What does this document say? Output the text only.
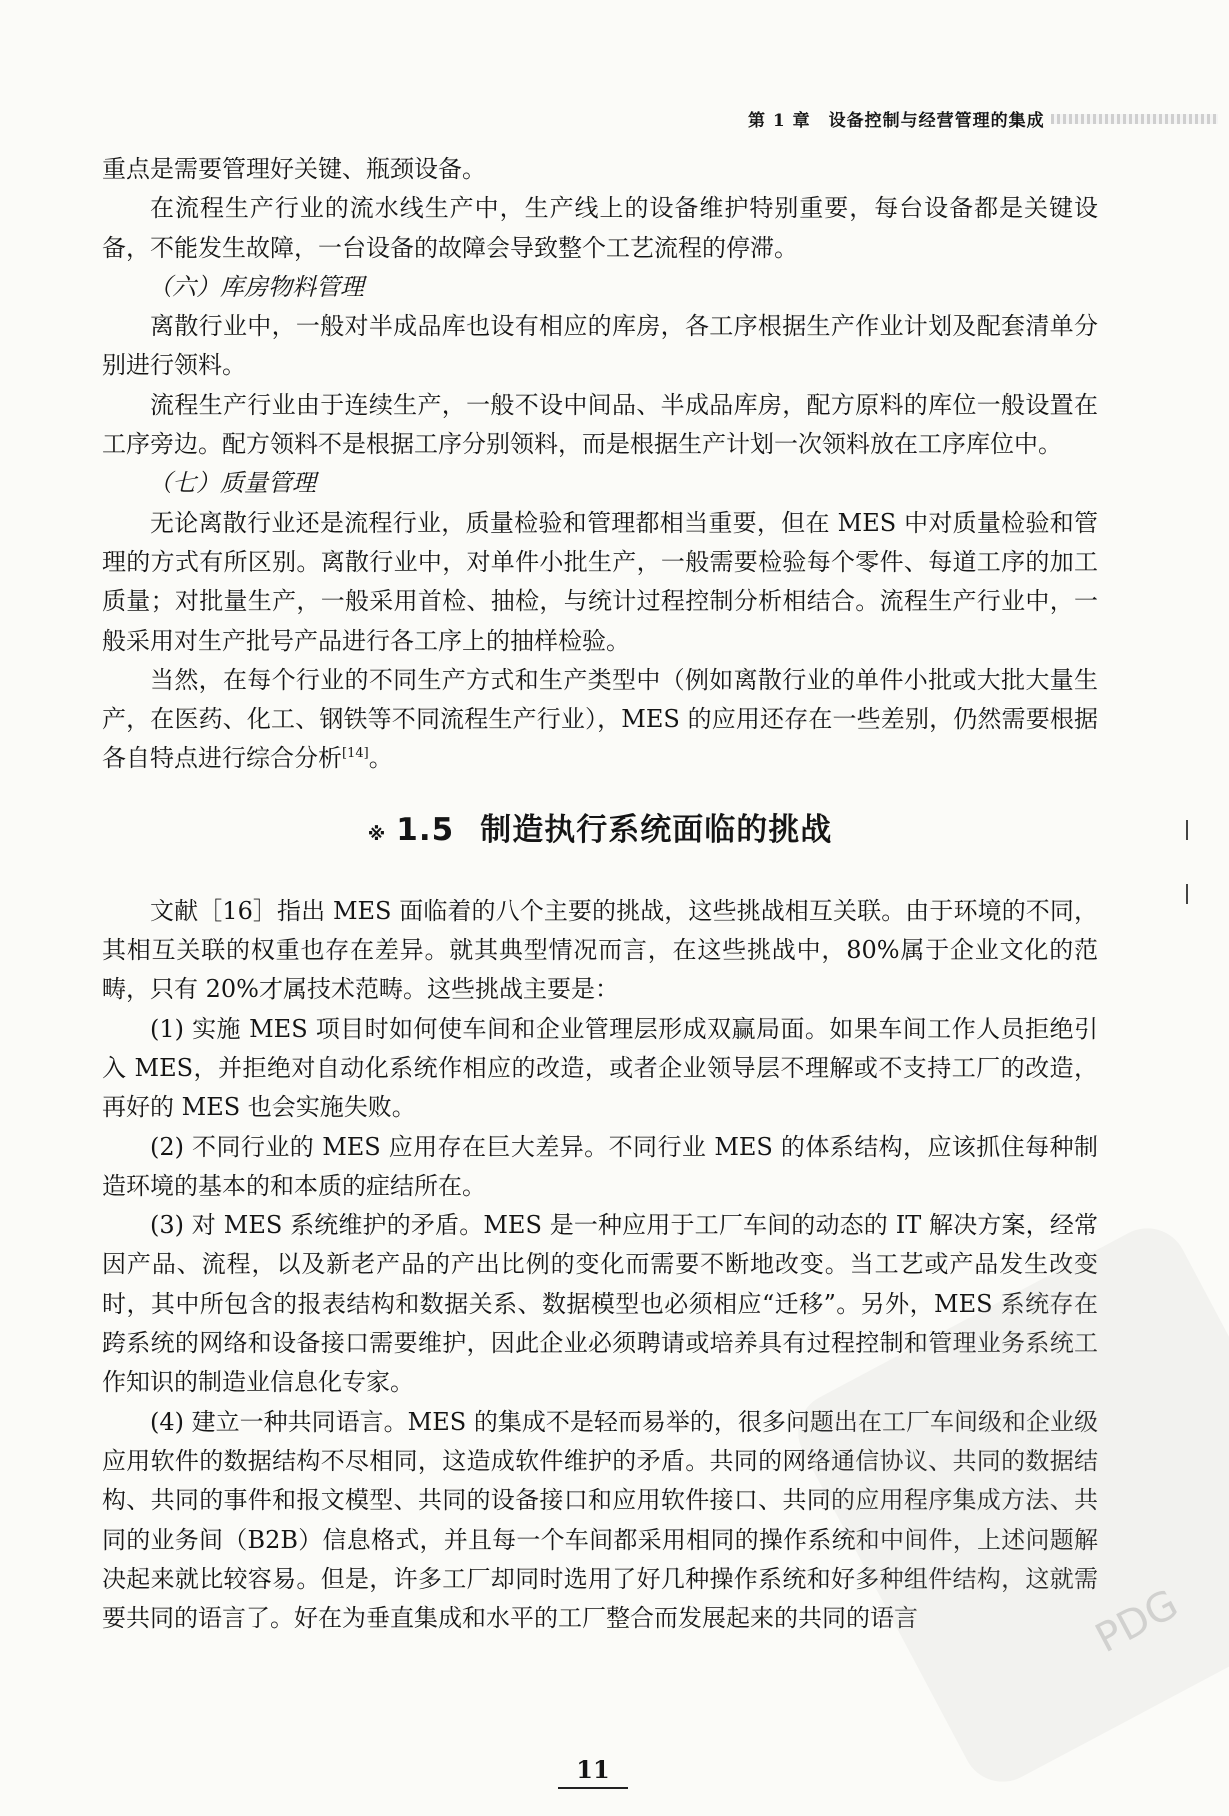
第 1 章 设备控制与经营管理的集成

重点是需要管理好关键、瓶颈设备。

在流程生产行业的流水线生产中，生产线上的设备维护特别重要，每台设备都是关键设备，不能发生故障，一台设备的故障会导致整个工艺流程的停滞。

（六）库房物料管理

离散行业中，一般对半成品库也设有相应的库房，各工序根据生产作业计划及配套清单分别进行领料。

流程生产行业由于连续生产，一般不设中间品、半成品库房，配方原料的库位一般设置在工序旁边。配方领料不是根据工序分别领料，而是根据生产计划一次领料放在工序库位中。

（七）质量管理

无论离散行业还是流程行业，质量检验和管理都相当重要，但在 MES 中对质量检验和管理的方式有所区别。离散行业中，对单件小批生产，一般需要检验每个零件、每道工序的加工质量；对批量生产，一般采用首检、抽检，与统计过程控制分析相结合。流程生产行业中，一般采用对生产批号产品进行各工序上的抽样检验。

当然，在每个行业的不同生产方式和生产类型中（例如离散行业的单件小批或大批大量生产，在医药、化工、钢铁等不同流程生产行业），MES 的应用还存在一些差别，仍然需要根据各自特点进行综合分析[14]。

※ 1.5 制造执行系统面临的挑战

文献［16］指出 MES 面临着的八个主要的挑战，这些挑战相互关联。由于环境的不同，其相互关联的权重也存在差异。就其典型情况而言，在这些挑战中，80%属于企业文化的范畴，只有 20%才属技术范畴。这些挑战主要是：

(1) 实施 MES 项目时如何使车间和企业管理层形成双赢局面。如果车间工作人员拒绝引入 MES，并拒绝对自动化系统作相应的改造，或者企业领导层不理解或不支持工厂的改造，再好的 MES 也会实施失败。

(2) 不同行业的 MES 应用存在巨大差异。不同行业 MES 的体系结构，应该抓住每种制造环境的基本的和本质的症结所在。

(3) 对 MES 系统维护的矛盾。MES 是一种应用于工厂车间的动态的 IT 解决方案，经常因产品、流程，以及新老产品的产出比例的变化而需要不断地改变。当工艺或产品发生改变时，其中所包含的报表结构和数据关系、数据模型也必须相应“迁移”。另外，MES 系统存在跨系统的网络和设备接口需要维护，因此企业必须聘请或培养具有过程控制和管理业务系统工作知识的制造业信息化专家。

(4) 建立一种共同语言。MES 的集成不是轻而易举的，很多问题出在工厂车间级和企业级应用软件的数据结构不尽相同，这造成软件维护的矛盾。共同的网络通信协议、共同的数据结构、共同的事件和报文模型、共同的设备接口和应用软件接口、共同的应用程序集成方法、共同的业务间（B2B）信息格式，并且每一个车间都采用相同的操作系统和中间件，上述问题解决起来就比较容易。但是，许多工厂却同时选用了好几种操作系统和好多种组件结构，这就需要共同的语言了。好在为垂直集成和水平的工厂整合而发展起来的共同的语言	PDG
11
